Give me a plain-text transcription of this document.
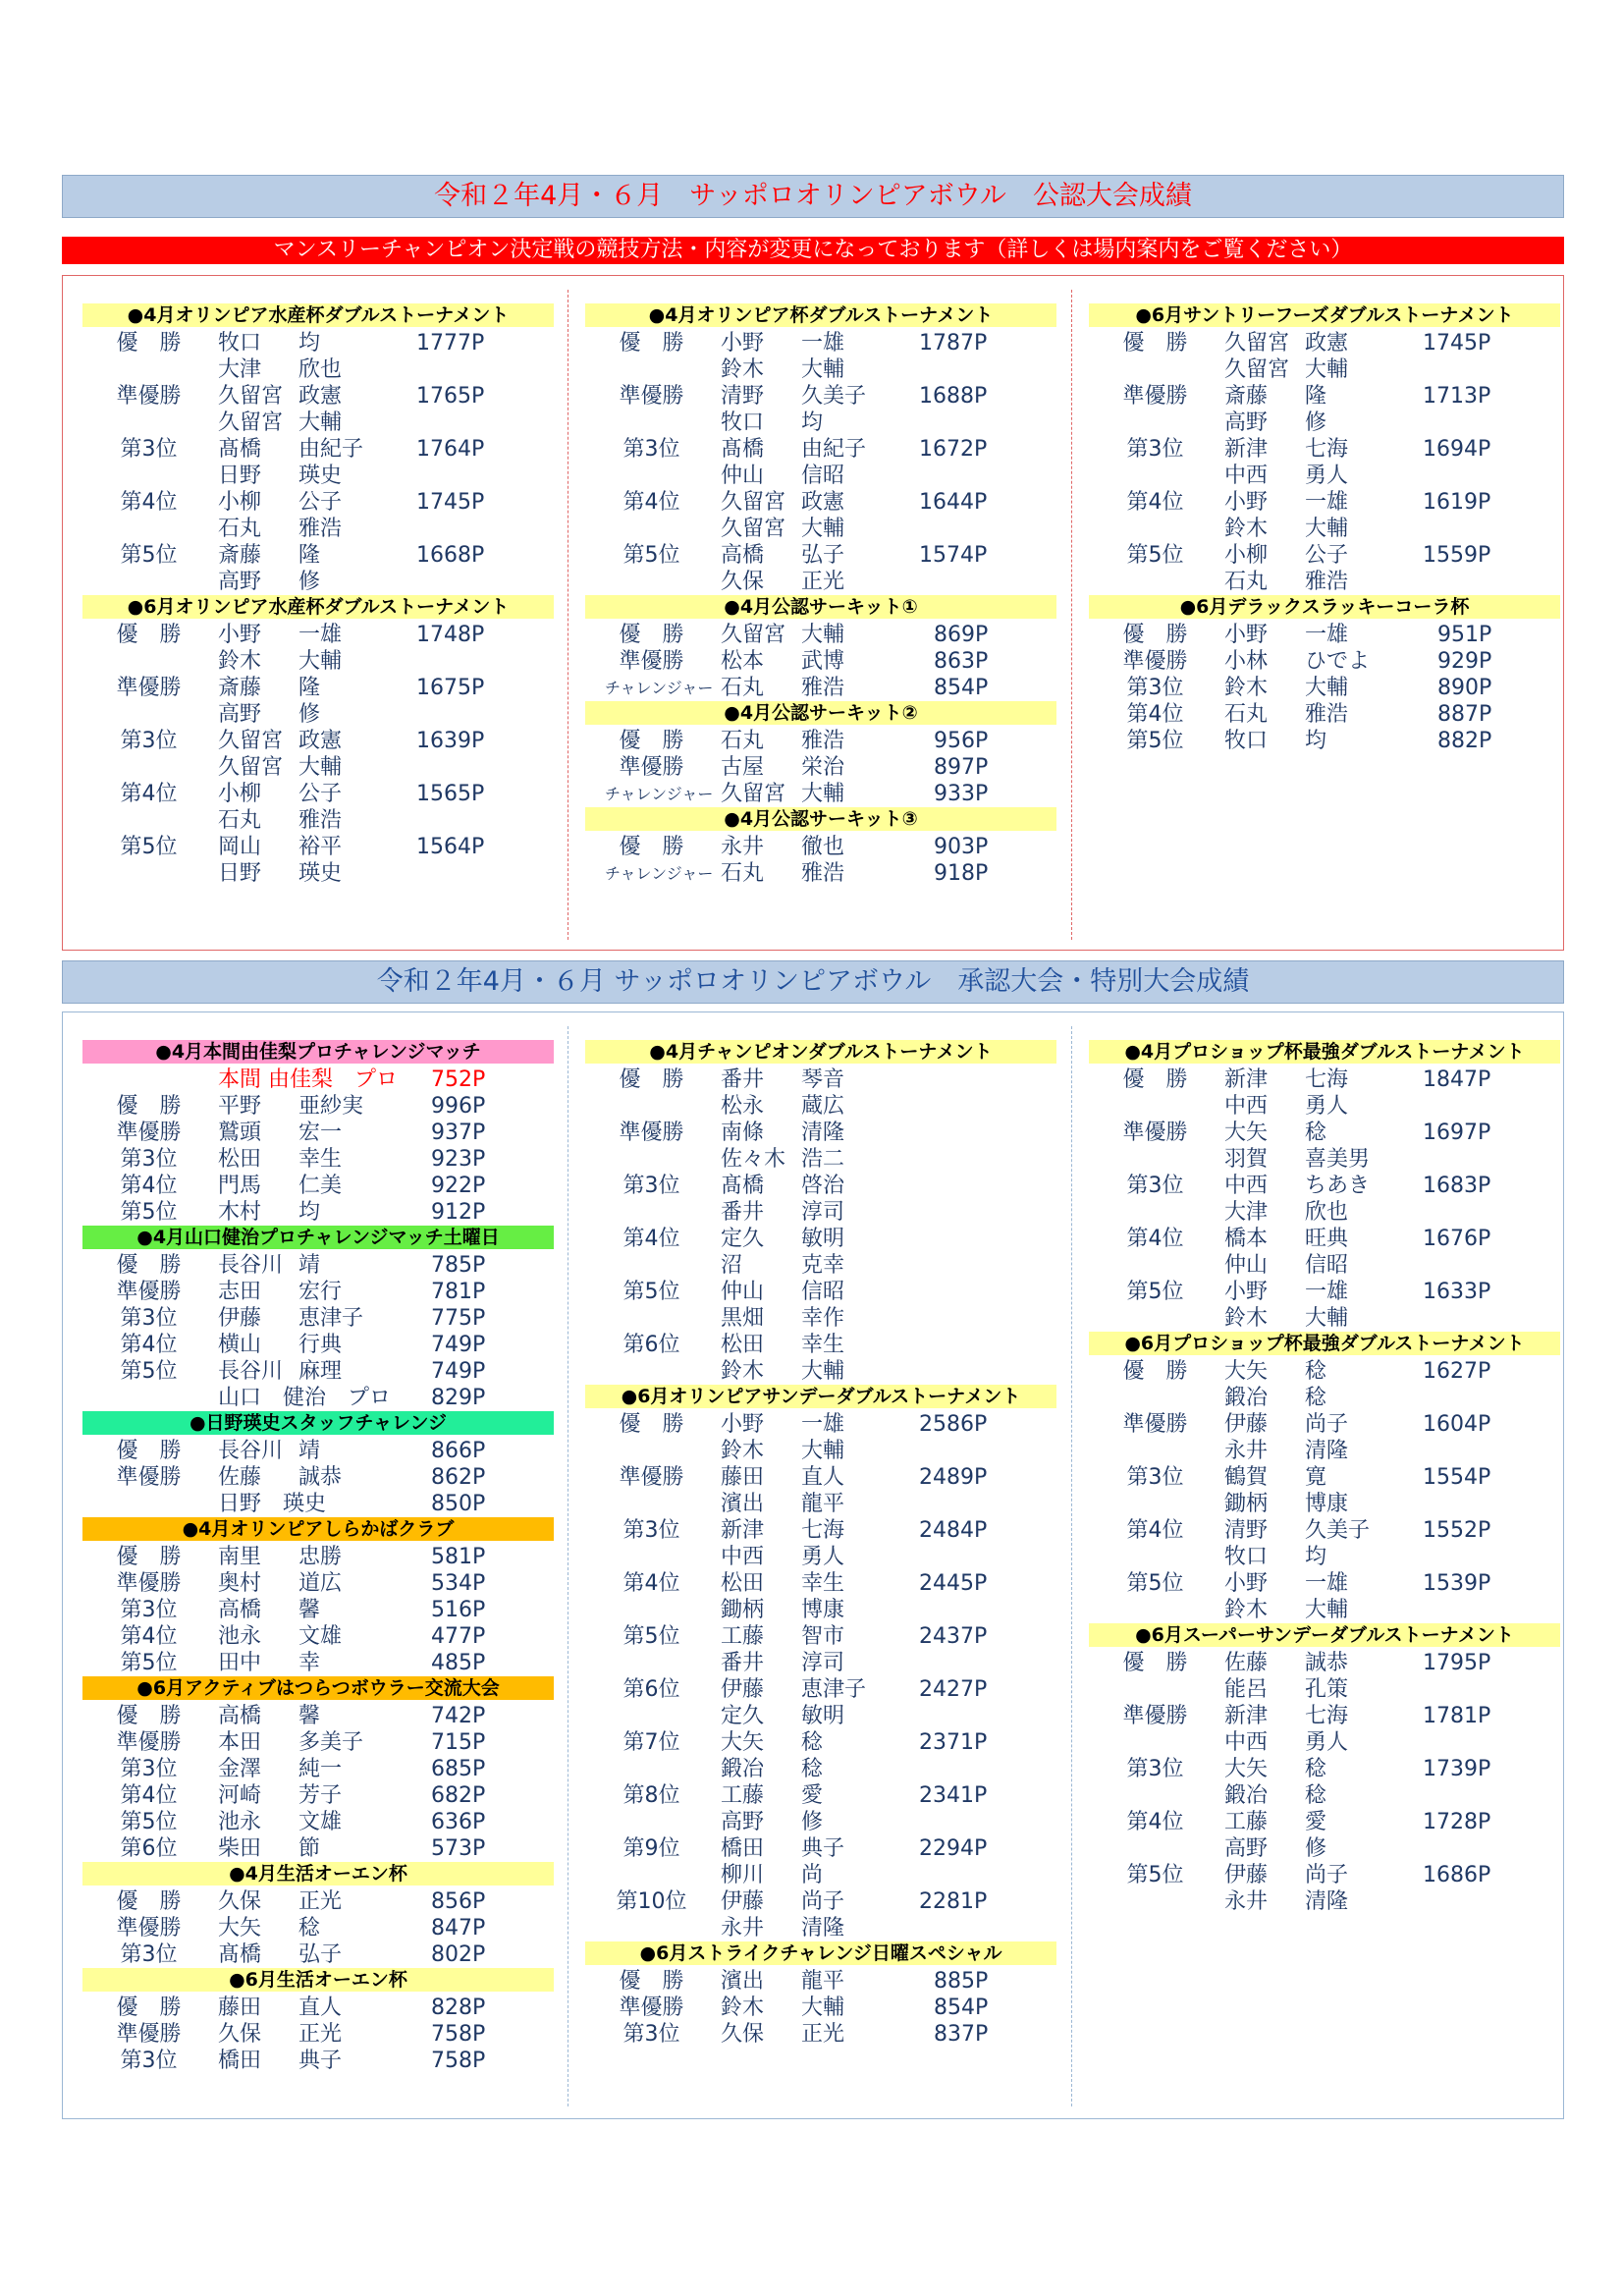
令和２年4月・６月　サッポロオリンピアボウル　公認大会成績
マンスリーチャンピオン決定戦の競技方法・内容が変更になっております（詳しくは場内案内をご覧ください）
●4月オリンピア水産杯ダブルストーナメント
優　勝	牧口 均	1777P
大津 欣也
準優勝	久留宮 政憲	1765P
久留宮 大輔
第3位	髙橋 由紀子 1764P
日野 瑛史
第4位	小柳 公子	1745P
石丸 雅浩
第5位	斎藤 隆	1668P
高野 修
●6月オリンピア水産杯ダブルストーナメント
優　勝	小野 一雄	1748P
鈴木 大輔
準優勝	斎藤 隆	1675P
高野 修
第3位	久留宮 政憲	1639P
久留宮 大輔
第4位	小柳 公子	1565P
石丸 雅浩
第5位	岡山 裕平	1564P
日野 瑛史
●4月オリンピア杯ダブルストーナメント
優　勝	小野 一雄	1787P
鈴木 大輔
準優勝	清野 久美子 1688P
牧口 均
第3位	髙橋 由紀子 1672P
仲山 信昭
第4位	久留宮 政憲	1644P
久留宮 大輔
第5位	高橋 弘子	1574P
久保 正光
●4月公認サーキット①
優　勝	久留宮 大輔	869P
準優勝	松本 武博	863P
チャレンジャー 石丸 雅浩	854P
●4月公認サーキット②
優　勝	石丸 雅浩	956P
準優勝	古屋 栄治	897P
チャレンジャー 久留宮 大輔	933P
●4月公認サーキット③
優　勝	永井 徹也	903P
チャレンジャー 石丸 雅浩	918P
●6月サントリーフーズダブルストーナメント
優　勝	久留宮 政憲	1745P
久留宮 大輔
準優勝	斎藤 隆	1713P
高野 修
第3位	新津 七海	1694P
中西 勇人
第4位	小野 一雄	1619P
鈴木 大輔
第5位	小柳 公子	1559P
石丸 雅浩
●6月デラックスラッキーコーラ杯
優　勝	小野 一雄	951P
準優勝	小林 ひでよ	929P
第3位	鈴木 大輔	890P
第4位	石丸 雅浩	887P
第5位	牧口 均	882P
令和２年4月・６月 サッポロオリンピアボウル　承認大会・特別大会成績
●4月本間由佳梨プロチャレンジマッチ
本間 由佳梨　プロ 752P
優　勝	平野 亜紗実	996P
準優勝	鷲頭 宏一	937P
第3位	松田 幸生	923P
第4位	門馬 仁美	922P
第5位	木村 均	912P
●4月山口健治プロチャレンジマッチ土曜日
優　勝	長谷川 靖	785P
準優勝	志田 宏行	781P
第3位	伊藤 恵津子	775P
第4位	横山 行典	749P
第5位	長谷川 麻理	749P
山口　健治　プロ 829P
●日野瑛史スタッフチャレンジ
優　勝	長谷川 靖	866P
準優勝	佐藤 誠恭	862P
日野　瑛史	850P
●4月オリンピアしらかばクラブ
優　勝	南里 忠勝	581P
準優勝	奥村 道広	534P
第3位	高橋 馨	516P
第4位	池永 文雄	477P
第5位	田中 幸	485P
●6月アクティブはつらつボウラー交流大会
優　勝	高橋 馨	742P
準優勝	本田 多美子	715P
第3位	金澤 純一	685P
第4位	河崎 芳子	682P
第5位	池永 文雄	636P
第6位	柴田 節	573P
●4月生活オーエン杯
優　勝	久保 正光	856P
準優勝	大矢 稔	847P
第3位	髙橋 弘子	802P
●6月生活オーエン杯
優　勝	藤田 直人	828P
準優勝	久保 正光	758P
第3位	橋田 典子	758P
●4月チャンピオンダブルストーナメント
優　勝	番井 琴音
松永 蔵広
準優勝	南條 清隆
佐々木 浩二
第3位	髙橋 啓治
番井 淳司
第4位	定久 敏明
沼	克幸
第5位	仲山 信昭
黒畑 幸作
第6位	松田 幸生
鈴木 大輔
●6月オリンピアサンデーダブルストーナメント
優　勝	小野 一雄	2586P
鈴木 大輔
準優勝	藤田 直人	2489P
濱出 龍平
第3位	新津 七海	2484P
中西 勇人
第4位	松田 幸生	2445P
鋤柄 博康
第5位	工藤 智市	2437P
番井 淳司
第6位	伊藤 恵津子 2427P
定久 敏明
第7位	大矢 稔	2371P
鍛冶 稔
第8位	工藤 愛	2341P
高野 修
第9位	橋田 典子	2294P
柳川 尚
第10位	伊藤 尚子	2281P
永井 清隆
●6月ストライクチャレンジ日曜スペシャル
優　勝	濱出 龍平	885P
準優勝	鈴木 大輔	854P
第3位	久保 正光	837P
●4月プロショップ杯最強ダブルストーナメント
優　勝	新津 七海	1847P
中西 勇人
準優勝	大矢 稔	1697P
羽賀 喜美男
第3位	中西 ちあき 1683P
大津 欣也
第4位	橋本 旺典	1676P
仲山 信昭
第5位	小野 一雄	1633P
鈴木 大輔
●6月プロショップ杯最強ダブルストーナメント
優　勝	大矢 稔	1627P
鍛冶 稔
準優勝	伊藤 尚子	1604P
永井 清隆
第3位	鶴賀 寛	1554P
鋤柄 博康
第4位	清野 久美子 1552P
牧口 均
第5位	小野 一雄	1539P
鈴木 大輔
●6月スーパーサンデーダブルストーナメント
優　勝	佐藤 誠恭	1795P
能呂 孔策
準優勝	新津 七海	1781P
中西 勇人
第3位	大矢 稔	1739P
鍛冶 稔
第4位	工藤 愛	1728P
高野 修
第5位	伊藤 尚子	1686P
永井 清隆
